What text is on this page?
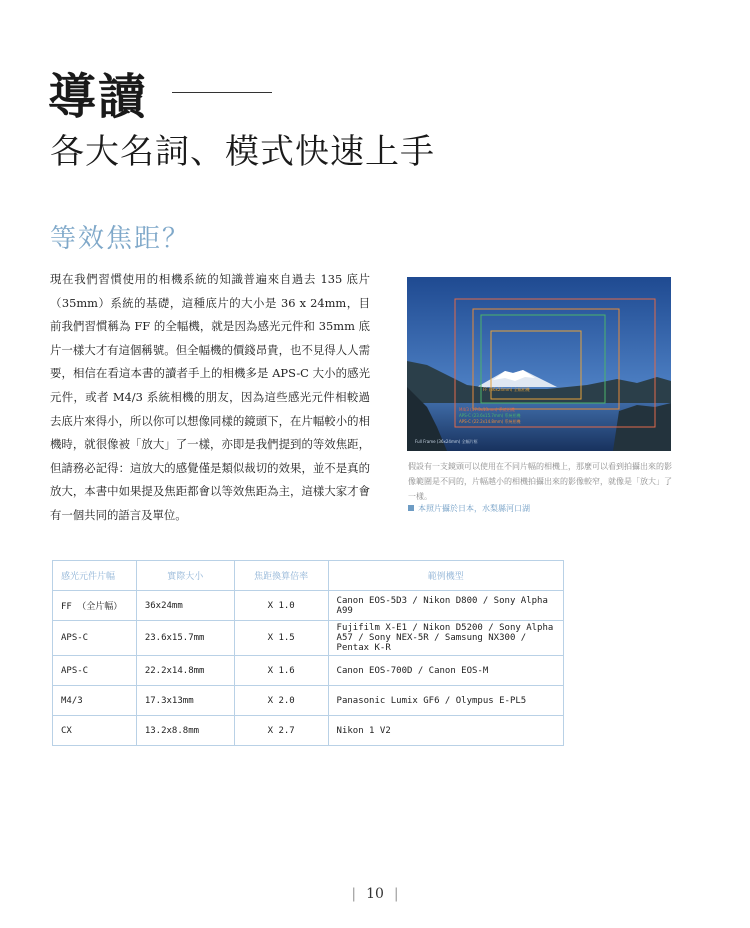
導讀
各大名詞、模式快速上手
等效焦距？
現在我們習慣使用的相機系統的知識普遍來自過去 135 底片（35mm）系統的基礎，這種底片的大小是 36 x 24mm，目前我們習慣稱為 FF 的全幅機，就是因為感光元件和 35mm 底片一樣大才有這個稱號。但全幅機的價錢昂貴，也不見得人人需要，相信在看這本書的讀者手上的相機多是 APS-C 大小的感光元件，或者 M4/3 系統相機的朋友，因為這些感光元件相較過去底片來得小，所以你可以想像同樣的鏡頭下，在片幅較小的相機時，就很像被「放大」了一樣，亦即是我們提到的等效焦距，但請務必記得：這放大的感覺僅是類似裁切的效果，並不是真的放大，本書中如果提及焦距都會以等效焦距為主，這樣大家才會有一個共同的語言及單位。
FF (36x24mm) 全幅相機
M4/3 (17.3x13mm) 系統相機
APS-C (23.6x15.7mm) 系統相機
APS-C (22.2x14.8mm) 系統相機
Full Frame (36x24mm) 全幅片框
假設有一支鏡頭可以使用在不同片幅的相機上，那麼可以看到拍攝出來的影像範圍是不同的，片幅越小的相機拍攝出來的影像較窄，就像是「放大」了一樣。
本照片攝於日本，水梨縣河口湖
感光元件片幅	實際大小	焦距換算倍率	範例機型
FF （全片幅）	36x24mm	X 1.0	Canon EOS-5D3 / Nikon D800 / Sony Alpha A99
APS-C	23.6x15.7mm	X 1.5	Fujifilm X-E1 / Nikon D5200 / Sony Alpha A57 / Sony NEX-5R / Samsung NX300 / Pentax K-R
APS-C	22.2x14.8mm	X 1.6	Canon EOS-700D / Canon EOS-M
M4/3	17.3x13mm	X 2.0	Panasonic Lumix GF6 / Olympus E-PL5
CX	13.2x8.8mm	X 2.7	Nikon 1 V2
| 10 |
